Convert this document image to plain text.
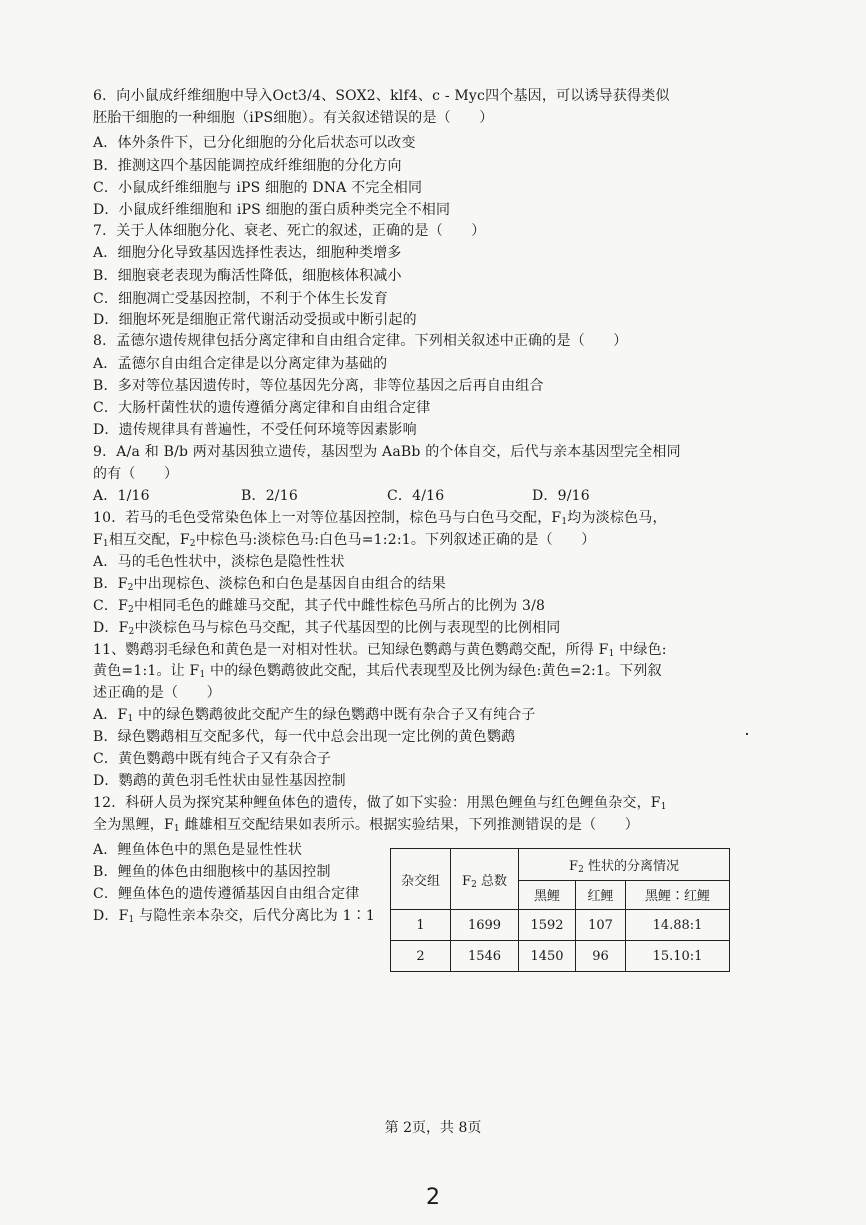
6．向小鼠成纤维细胞中导入Oct3/4、SOX2、klf4、c - Myc四个基因，可以诱导获得类似
胚胎干细胞的一种细胞（iPS细胞）。有关叙述错误的是（　　）
A．体外条件下，已分化细胞的分化后状态可以改变
B．推测这四个基因能调控成纤维细胞的分化方向
C．小鼠成纤维细胞与 iPS 细胞的 DNA 不完全相同
D．小鼠成纤维细胞和 iPS 细胞的蛋白质种类完全不相同
7．关于人体细胞分化、衰老、死亡的叙述，正确的是（　　）
A．细胞分化导致基因选择性表达，细胞种类增多
B．细胞衰老表现为酶活性降低，细胞核体积减小
C．细胞凋亡受基因控制，不利于个体生长发育
D．细胞坏死是细胞正常代谢活动受损或中断引起的
8．孟德尔遗传规律包括分离定律和自由组合定律。下列相关叙述中正确的是（　　）
A．孟德尔自由组合定律是以分离定律为基础的
B．多对等位基因遗传时，等位基因先分离，非等位基因之后再自由组合
C．大肠杆菌性状的遗传遵循分离定律和自由组合定律
D．遗传规律具有普遍性，不受任何环境等因素影响
9．A/a 和 B/b 两对基因独立遗传，基因型为 AaBb 的个体自交，后代与亲本基因型完全相同
的有（　　）
A．1/16	B．2/16	C．4/16	D．9/16
10．若马的毛色受常染色体上一对等位基因控制，棕色马与白色马交配，$F_1$均为淡棕色马，
$F_1$相互交配，$F_2$中棕色马:淡棕色马:白色马=1:2:1。下列叙述正确的是（　　）
A．马的毛色性状中，淡棕色是隐性性状
B．$F_2$中出现棕色、淡棕色和白色是基因自由组合的结果
C．$F_2$中相同毛色的雌雄马交配，其子代中雌性棕色马所占的比例为 3/8
D．$F_2$中淡棕色马与棕色马交配，其子代基因型的比例与表现型的比例相同
11、鹦鹉羽毛绿色和黄色是一对相对性状。已知绿色鹦鹉与黄色鹦鹉交配，所得 $F_1$ 中绿色:
黄色=1:1。让 $F_1$ 中的绿色鹦鹉彼此交配，其后代表现型及比例为绿色:黄色=2:1。下列叙
述正确的是（　　）
A．$F_1$ 中的绿色鹦鹉彼此交配产生的绿色鹦鹉中既有杂合子又有纯合子
B．绿色鹦鹉相互交配多代，每一代中总会出现一定比例的黄色鹦鹉
C．黄色鹦鹉中既有纯合子又有杂合子
D．鹦鹉的黄色羽毛性状由显性基因控制
12．科研人员为探究某种鲤鱼体色的遗传，做了如下实验：用黑色鲤鱼与红色鲤鱼杂交，$F_1$
全为黑鲤，$F_1$ 雌雄相互交配结果如表所示。根据实验结果，下列推测错误的是（　　）
A．鲤鱼体色中的黑色是显性性状
B．鲤鱼的体色由细胞核中的基因控制
C．鲤鱼体色的遗传遵循基因自由组合定律
D．$F_1$ 与隐性亲本杂交，后代分离比为 1∶1
杂交组	$F_2$ 总数	$F_2$ 性状的分离情况		
		黑鲤	红鲤	黑鲤∶红鲤
1	1699	1592	107	14.88:1
2	1546	1450	96	15.10:1
第 2页，共 8页
2
